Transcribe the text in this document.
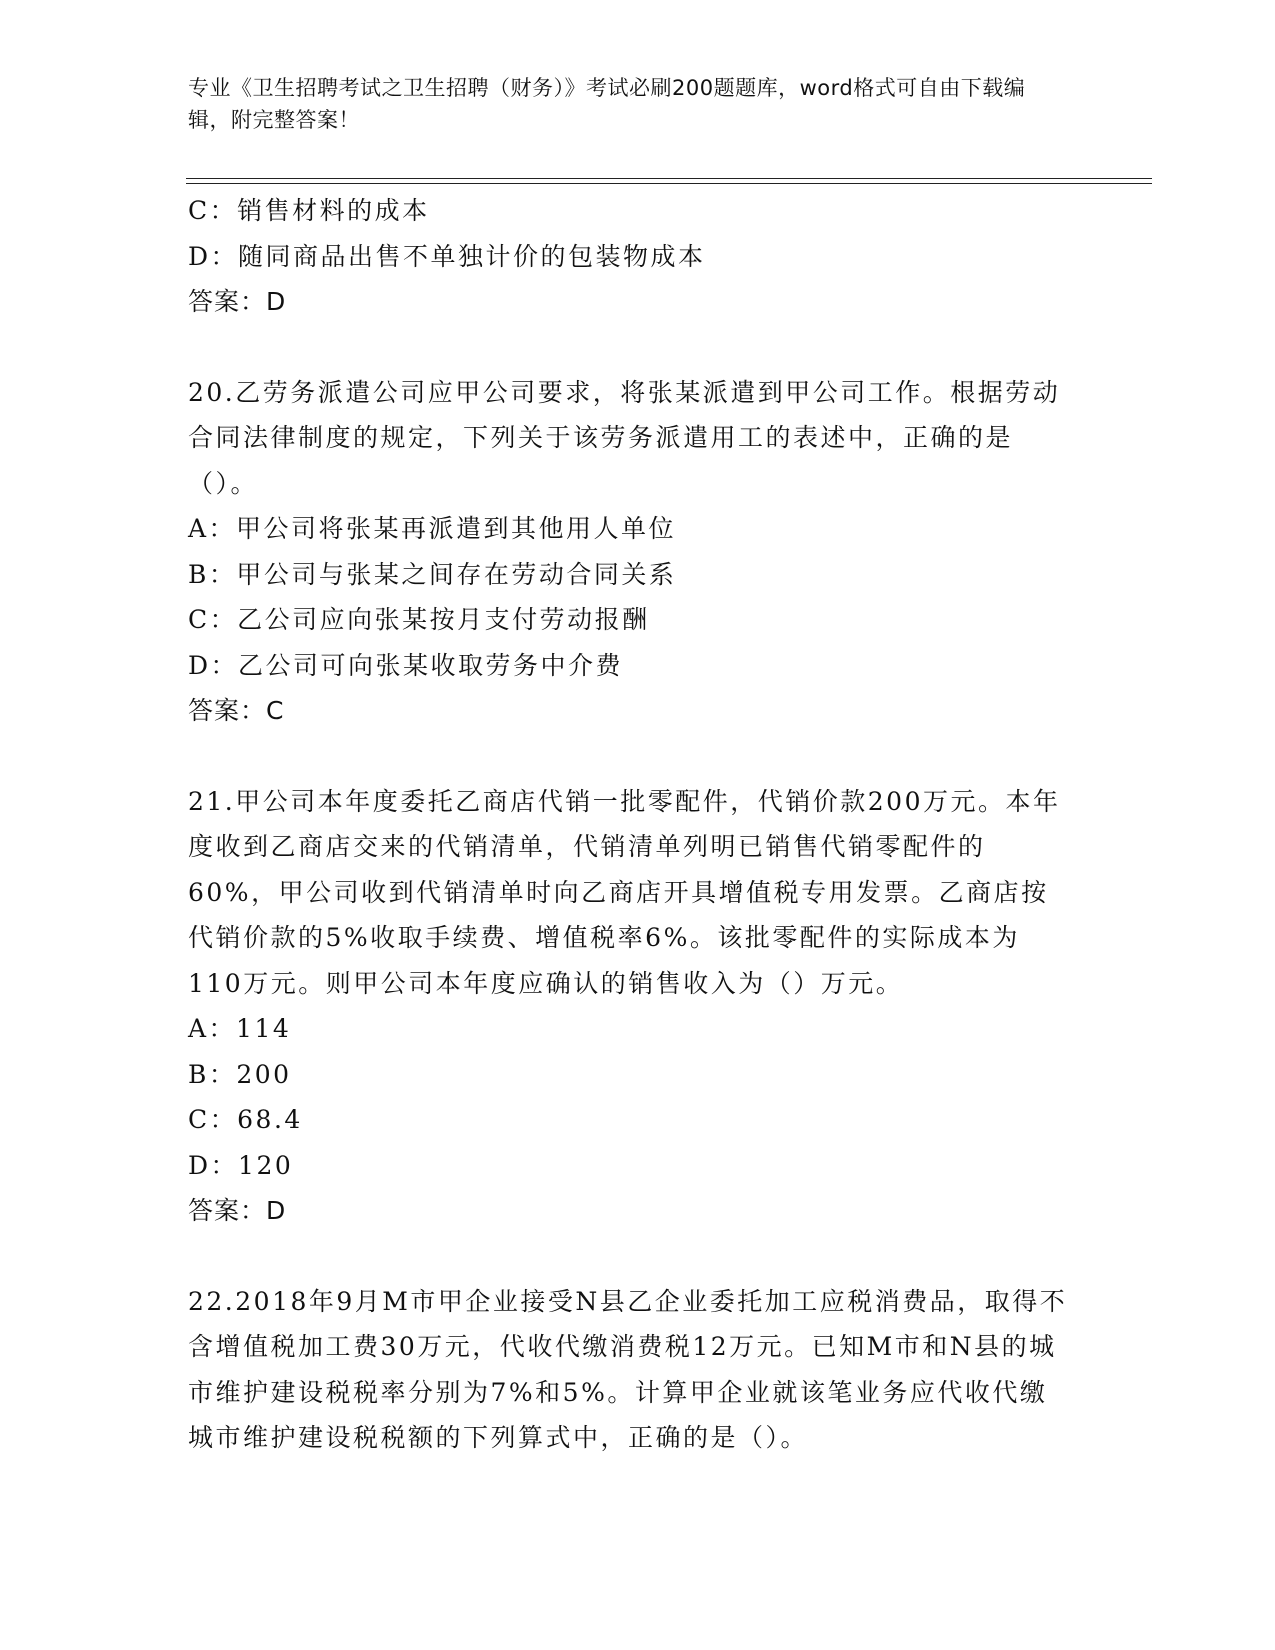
专业《卫生招聘考试之卫生招聘（财务）》考试必刷200题题库，word格式可自由下载编辑，附完整答案！
C：销售材料的成本
D：随同商品出售不单独计价的包装物成本
答案：D
20.乙劳务派遣公司应甲公司要求，将张某派遣到甲公司工作。根据劳动合同法律制度的规定，下列关于该劳务派遣用工的表述中，正确的是（）。
A：甲公司将张某再派遣到其他用人单位
B：甲公司与张某之间存在劳动合同关系
C：乙公司应向张某按月支付劳动报酬
D：乙公司可向张某收取劳务中介费
答案：C
21.甲公司本年度委托乙商店代销一批零配件，代销价款200万元。本年度收到乙商店交来的代销清单，代销清单列明已销售代销零配件的60%，甲公司收到代销清单时向乙商店开具增值税专用发票。乙商店按代销价款的5%收取手续费、增值税率6%。该批零配件的实际成本为110万元。则甲公司本年度应确认的销售收入为（）万元。
A：114
B：200
C：68.4
D：120
答案：D
22.2018年9月M市甲企业接受N县乙企业委托加工应税消费品，取得不含增值税加工费30万元，代收代缴消费税12万元。已知M市和N县的城市维护建设税税率分别为7%和5%。计算甲企业就该笔业务应代收代缴城市维护建设税税额的下列算式中，正确的是（）。
